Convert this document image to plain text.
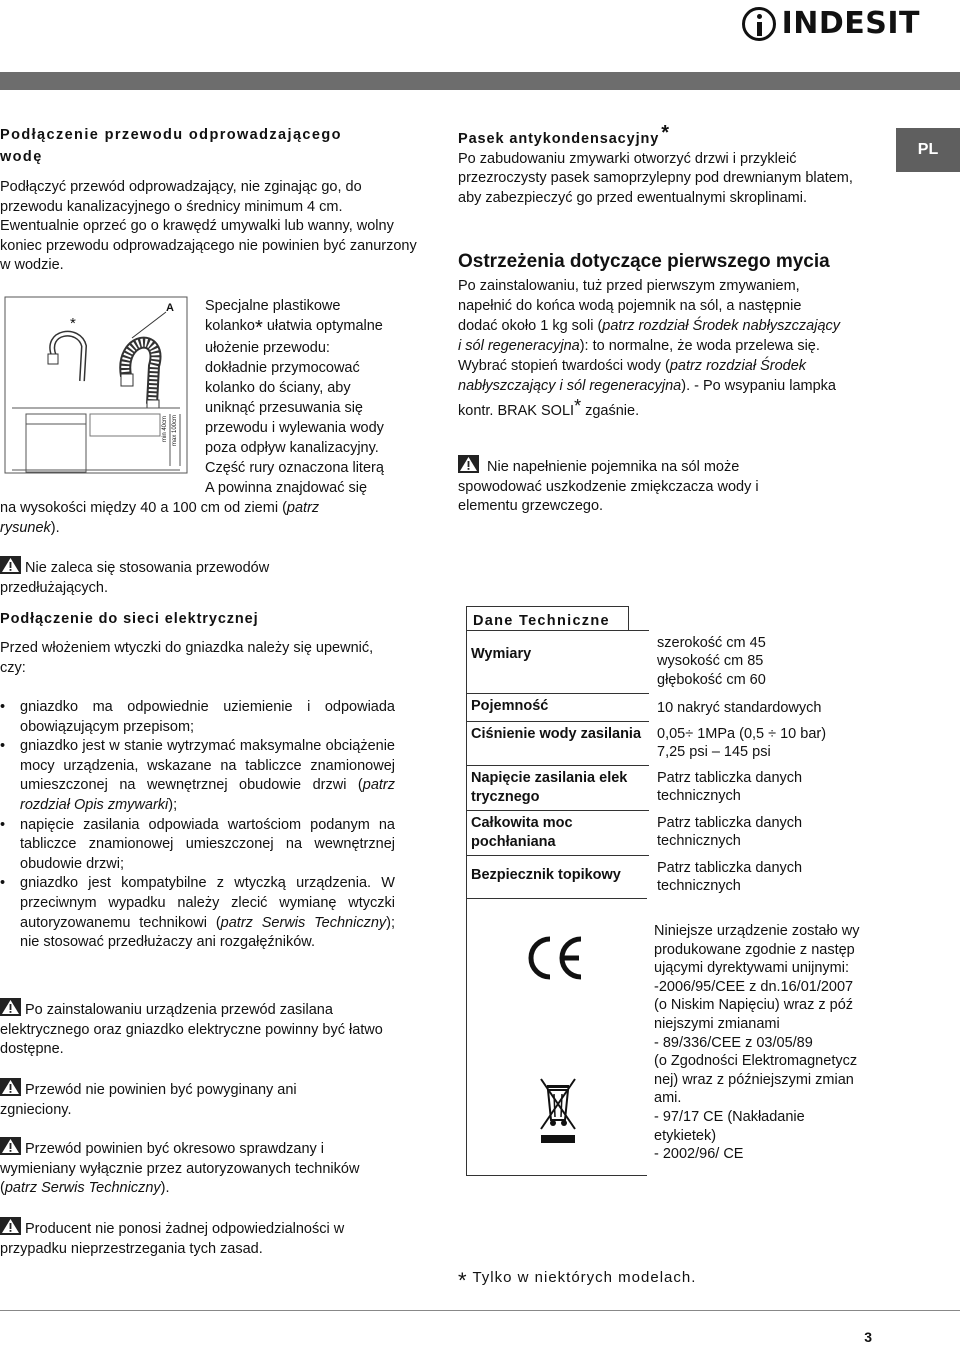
INDESIT
PL
Podłączenie przewodu odprowadzającego
wodę

Podłączyć przewód odprowadzający, nie zginając go, do przewodu kanalizacyjnego o średnicy minimum 4 cm. Ewentualnie oprzeć go o krawędź umywalki lub wanny, wolny koniec przewodu odprowadzającego nie powinien być zanurzony w wodzie.

*
A
min 40cm max 100cm
Specjalne plastikowe
kolanko* ułatwia optymalne
ułożenie przewodu:
dokładnie przymocować
kolanko do ściany, aby
uniknąć przesuwania się
przewodu i wylewania wody
poza odpływ kanalizacyjny.
Część rury oznaczona literą
A powinna znajdować się
na wysokości między 40 a 100 cm od ziemi (patrz rysunek).
Nie zaleca się stosowania przewodów przedłużających.
Podłączenie do sieci elektrycznej

Przed włożeniem wtyczki do gniazdka należy się upewnić, czy:

• gniazdko ma odpowiednie uziemienie i odpowiada obowiązującym przepisom;
• gniazdko jest w stanie wytrzymać maksymalne obciążenie mocy urządzenia, wskazane na tabliczce znamionowej umieszczonej na wewnętrznej obudowie drzwi (patrz rozdział Opis zmywarki);
• napięcie zasilania odpowiada wartościom podanym na tabliczce znamionowej umieszczonej na wewnętrznej obudowie drzwi;
• gniazdko jest kompatybilne z wtyczką urządzenia. W przeciwnym wypadku należy zlecić wymianę wtyczki autoryzowanemu technikowi (patrz Serwis Techniczny); nie stosować przedłużaczy ani rozgałęźników.
Po zainstalowaniu urządzenia przewód zasilana elektrycznego oraz gniazdko elektryczne powinny być łatwo dostępne.
Przewód nie powinien być powyginany ani zgnieciony.
Przewód powinien być okresowo sprawdzany i wymieniany wyłącznie przez autoryzowanych techników (patrz Serwis Techniczny).
Producent nie ponosi żadnej odpowiedzialności w przypadku nieprzestrzegania tych zasad.
Pasek antykondensacyjny *

Po zabudowaniu zmywarki otworzyć drzwi i przykleić przezroczysty pasek samoprzylepny pod drewnianym blatem, aby zabezpieczyć go przed ewentualnymi skroplinami.

Ostrzeżenia dotyczące pierwszego mycia

Po zainstalowaniu, tuż przed pierwszym zmywaniem, napełnić do końca wodą pojemnik na sól, a następnie dodać około 1 kg soli (patrz rozdział Środek nabłyszczający i sól regeneracyjna): to normalne, że woda przelewa się. Wybrać stopień twardości wody (patrz rozdział Środek nabłyszczający i sól regeneracyjna). - Po wsypaniu lampka kontr. BRAK SOLI* zgaśnie.

Nie napełnienie pojemnika na sól może spowodować uszkodzenie zmiękczacza wody i elementu grzewczego.
Dane Techniczne
Wymiary	szerokość cm 45
wysokość cm 85
głębokość cm 60

Pojemność	10 nakryć standardowych

Ciśnienie wody zasilania	0,05÷ 1MPa (0,5 ÷ 10 bar)
7,25 psi – 145 psi

Napięcie zasilania elek trycznego	Patrz tabliczka danych
technicznych

Całkowita moc pochłaniana	Patrz tabliczka danych
technicznych

Bezpiecznik topikowy	Patrz tabliczka danych
technicznych
Niniejsze urządzenie zostało wy
produkowane zgodnie z następ
ującymi dyrektywami unijnymi:
-2006/95/CEE z dn.16/01/2007
(o Niskim Napięciu) wraz z póź
niejszymi zmianami
- 89/336/CEE z 03/05/89
(o Zgodności Elektromagnetycz
nej) wraz z późniejszymi zmian
ami.
- 97/17 CE (Nakładanie
etykietek)
- 2002/96/ CE
* Tylko w niektórych modelach.
3
